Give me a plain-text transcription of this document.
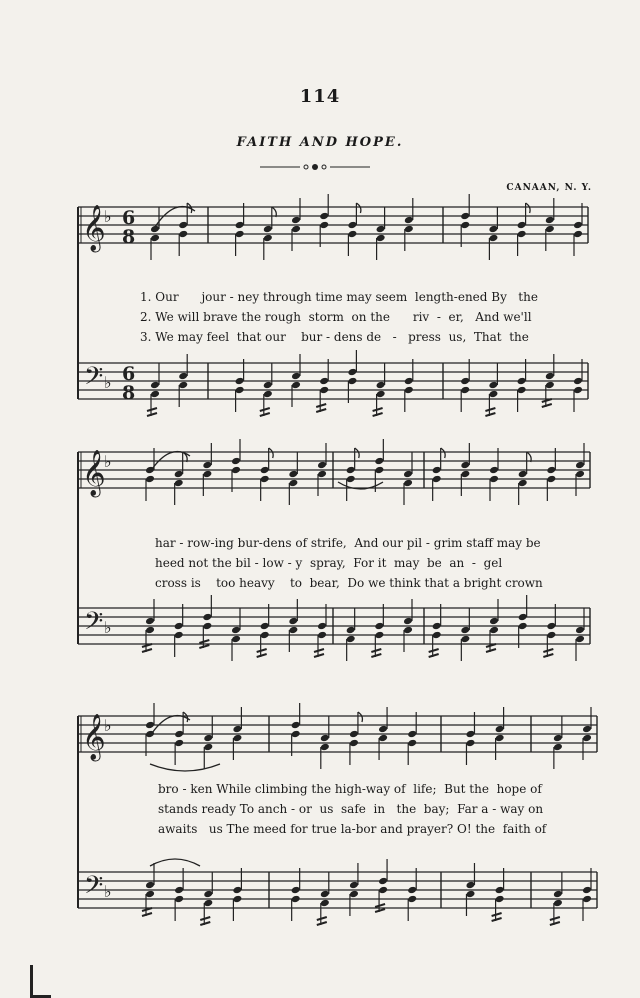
114
FAITH AND HOPE.
CANAAN, N. Y.
𝄞
𝄢
♭
♭
6
8
6
8
𝄞
𝄢
♭
♭
𝄞
𝄢
♭
♭
1. Our      jour - ney through time may seem  length-ened By   the
2. We will brave the rough  storm  on the      riv  -  er,   And we'll
3. We may feel  that our    bur - dens de   -   press  us,  That  the
har - row-ing bur-dens of strife,  And our pil - grim staff may be
heed not the bil - low - y  spray,  For it  may  be  an  -  gel
cross is    too heavy    to  bear,  Do we think that a bright crown
bro - ken While climbing the high-way of  life;  But the  hope of
stands ready To anch - or  us  safe  in   the  bay;  Far a - way on
awaits   us The meed for true la-bor and prayer? O! the  faith of
